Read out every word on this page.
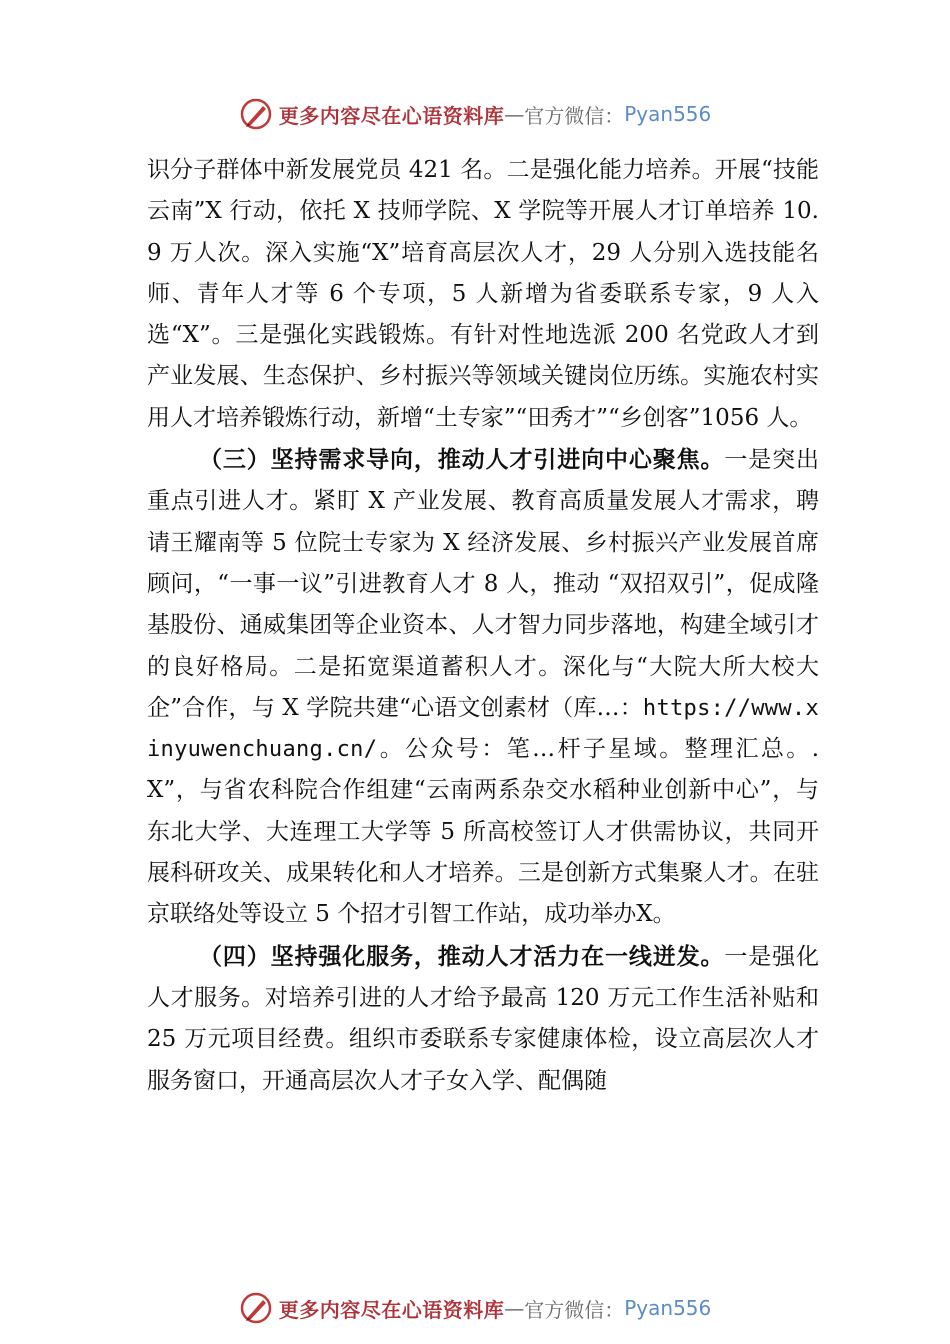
更多内容尽在心语资料库 — 官方微信： Pyan556

识分子群体中新发展党员 421 名。二是强化能力培养。开展“技能云南”X 行动，依托 X 技师学院、X 学院等开展人才订单培养 10.9 万人次。深入实施“X”培育高层次人才，29 人分别入选技能名师、青年人才等 6 个专项，5 人新增为省委联系专家，9 人入选“X”。三是强化实践锻炼。有针对性地选派 200 名党政人才到产业发展、生态保护、乡村振兴等领域关键岗位历练。实施农村实用人才培养锻炼行动，新增“土专家”“田秀才”“乡创客”1056 人。

（三）坚持需求导向，推动人才引进向中心聚焦。一是突出重点引进人才。紧盯 X 产业发展、教育高质量发展人才需求，聘请王耀南等 5 位院士专家为 X 经济发展、乡村振兴产业发展首席顾问，“一事一议”引进教育人才 8 人，推动 “双招双引”，促成隆基股份、通威集团等企业资本、人才智力同步落地，构建全域引才的良好格局。二是拓宽渠道蓄积人才。深化与“大院大所大校大企”合作，与 X 学院共建“心语文创素材（库…：https://www.xinyuwenchuang.cn/。公众号：笔…杆子星域。整理汇总。.X”，与省农科院合作组建“云南两系杂交水稻种业创新中心”，与东北大学、大连理工大学等 5 所高校签订人才供需协议，共同开展科研攻关、成果转化和人才培养。三是创新方式集聚人才。在驻京联络处等设立 5 个招才引智工作站，成功举办X。

（四）坚持强化服务，推动人才活力在一线迸发。一是强化人才服务。对培养引进的人才给予最高 120 万元工作生活补贴和 25 万元项目经费。组织市委联系专家健康体检，设立高层次人才服务窗口，开通高层次人才子女入学、配偶随

更多内容尽在心语资料库 — 官方微信： Pyan556
